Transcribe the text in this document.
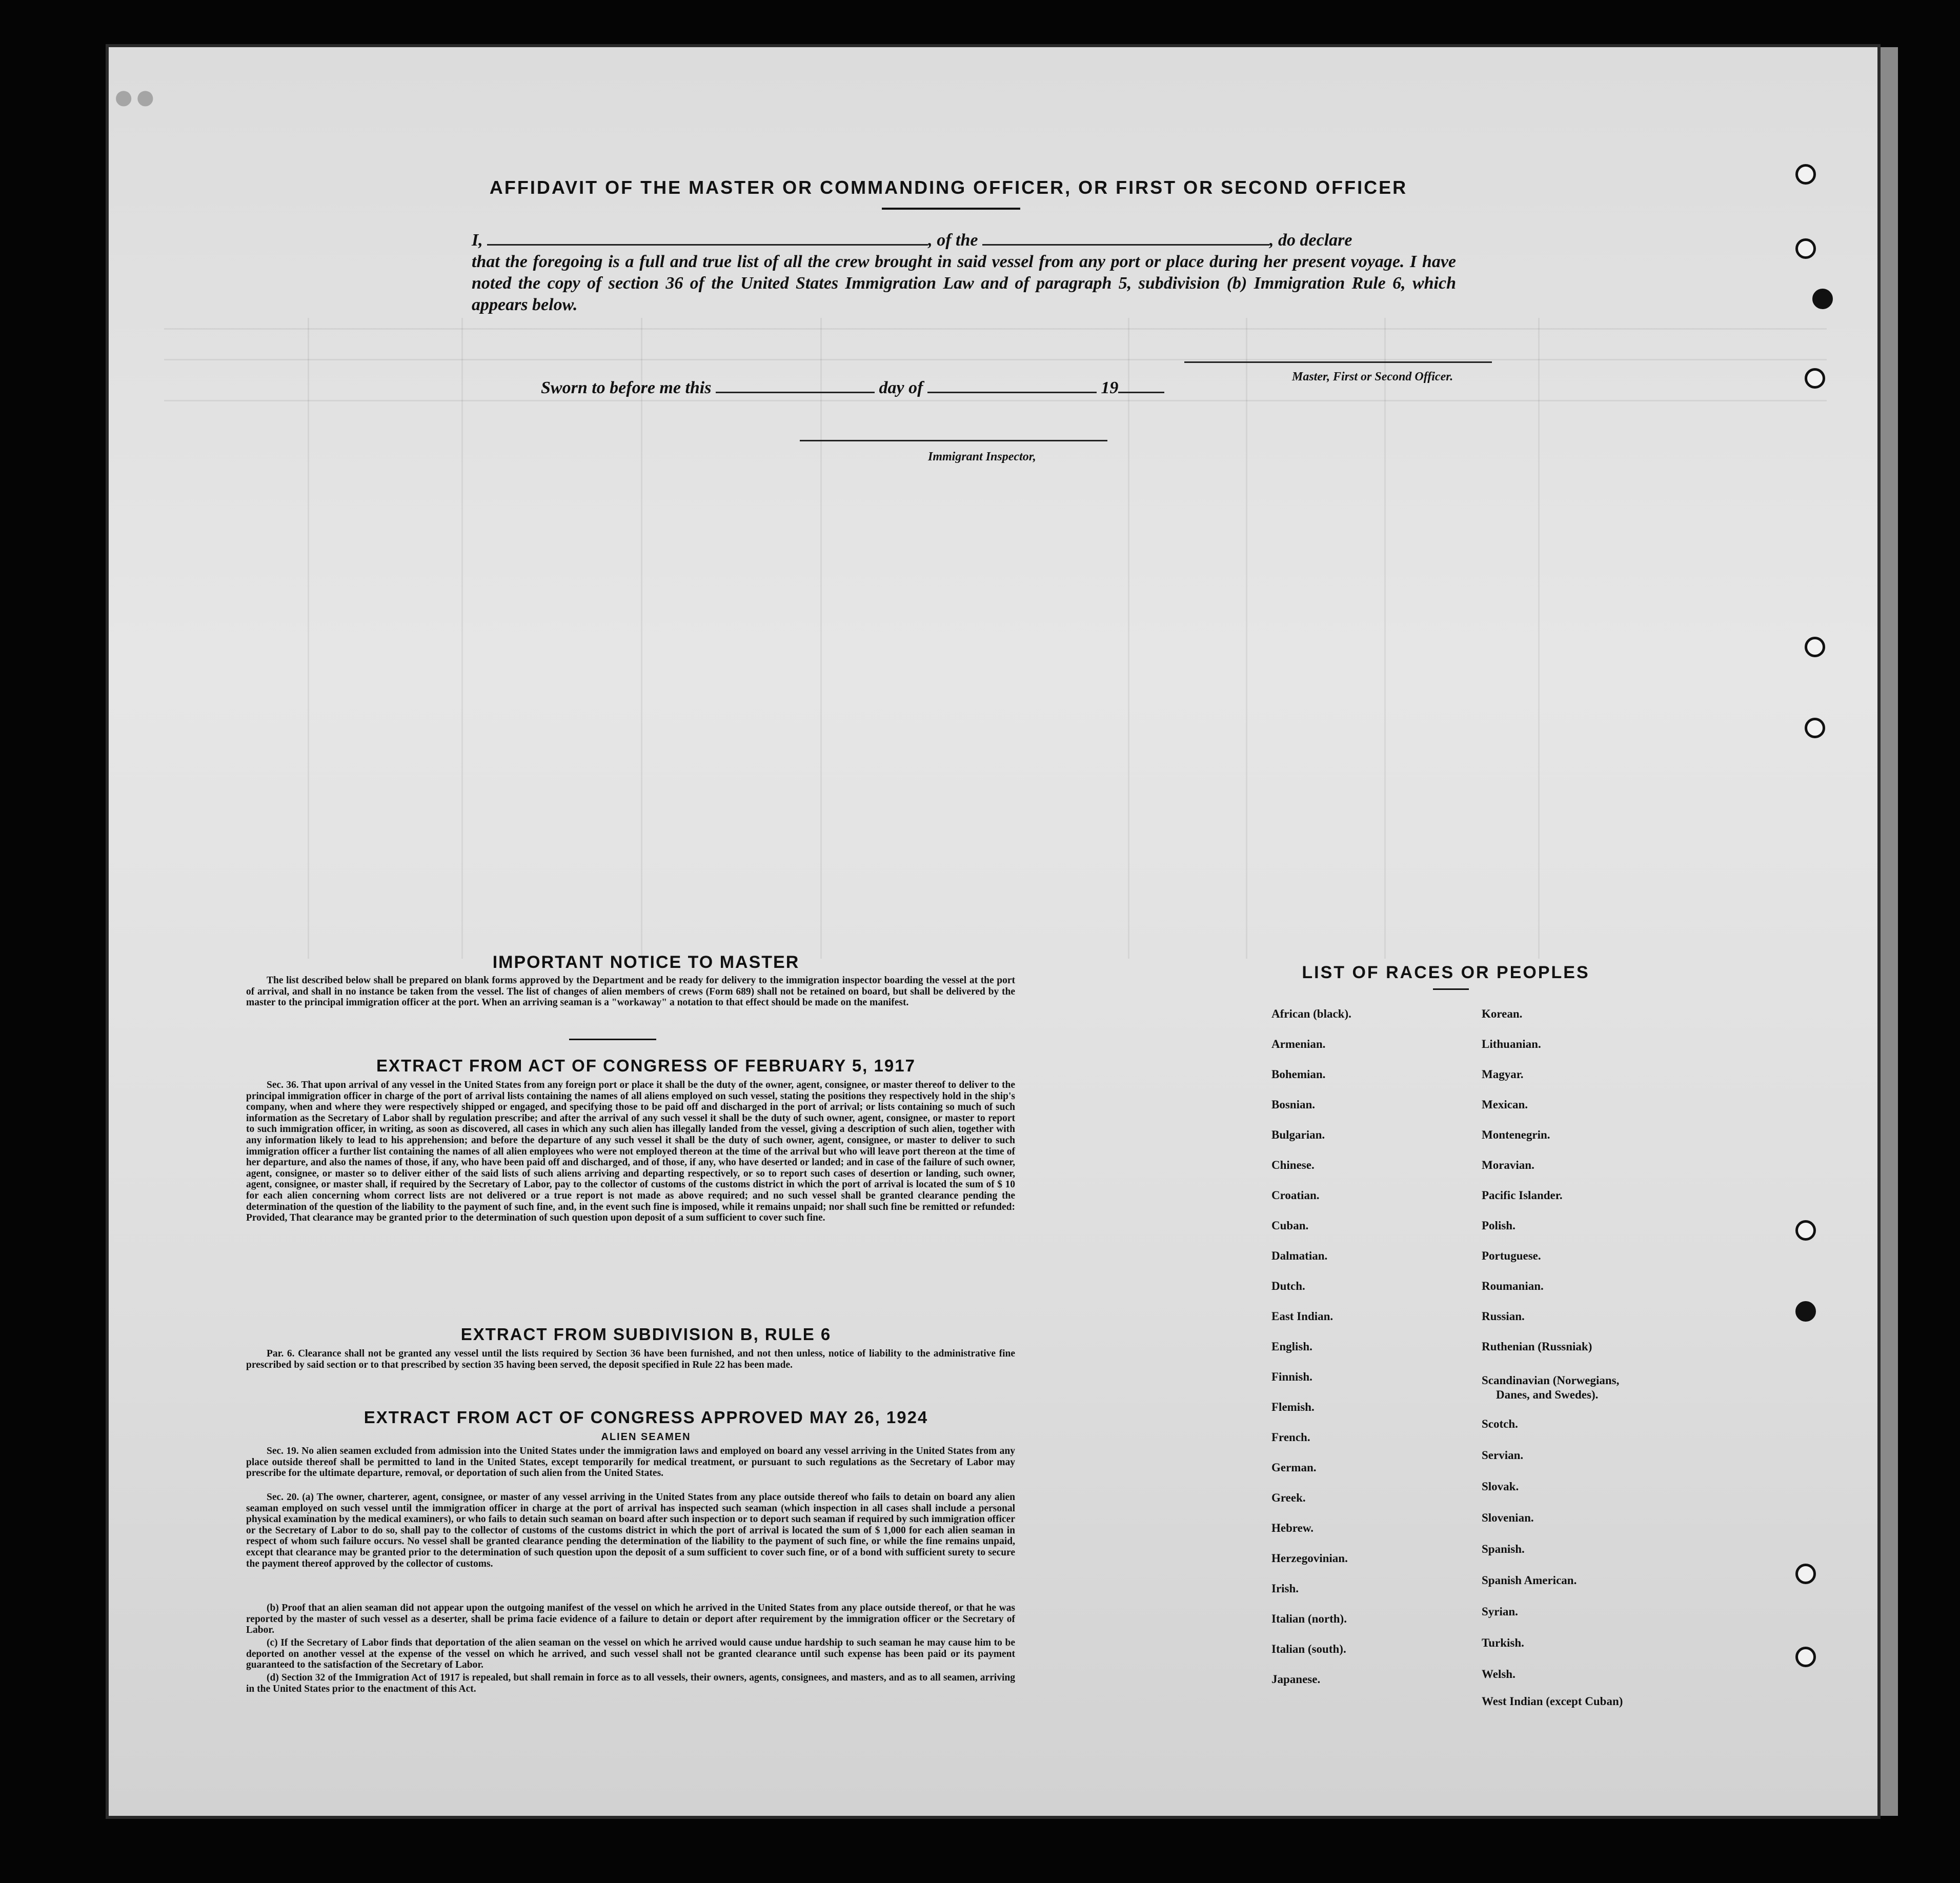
●●
AFFIDAVIT OF THE MASTER OR COMMANDING OFFICER, OR FIRST OR SECOND OFFICER
I,	, of the	, do declare
that the foregoing is a full and true list of all the crew brought in said vessel from any port or place during her present voyage. I have noted the copy of section 36 of the United States Immigration Law and of paragraph 5, subdivision (b) Immigration Rule 6, which appears below.
Master, First or Second Officer.
Sworn to before me this	day of	19
Immigrant Inspector,
IMPORTANT NOTICE TO MASTER

The list described below shall be prepared on blank forms approved by the Department and be ready for delivery to the immigration inspector boarding the vessel at the port of arrival, and shall in no instance be taken from the vessel. The list of changes of alien members of crews (Form 689) shall not be retained on board, but shall be delivered by the master to the principal immigration officer at the port. When an arriving seaman is a "workaway" a notation to that effect should be made on the manifest.

EXTRACT FROM ACT OF CONGRESS OF FEBRUARY 5, 1917

Sec. 36. That upon arrival of any vessel in the United States from any foreign port or place it shall be the duty of the owner, agent, consignee, or master thereof to deliver to the principal immigration officer in charge of the port of arrival lists containing the names of all aliens employed on such vessel, stating the positions they respectively hold in the ship's company, when and where they were respectively shipped or engaged, and specifying those to be paid off and discharged in the port of arrival; or lists containing so much of such information as the Secretary of Labor shall by regulation prescribe; and after the arrival of any such vessel it shall be the duty of such owner, agent, consignee, or master to report to such immigration officer, in writing, as soon as discovered, all cases in which any such alien has illegally landed from the vessel, giving a description of such alien, together with any information likely to lead to his apprehension; and before the departure of any such vessel it shall be the duty of such owner, agent, consignee, or master to deliver to such immigration officer a further list containing the names of all alien employees who were not employed thereon at the time of the arrival but who will leave port thereon at the time of her departure, and also the names of those, if any, who have been paid off and discharged, and of those, if any, who have deserted or landed; and in case of the failure of such owner, agent, consignee, or master so to deliver either of the said lists of such aliens arriving and departing respectively, or so to report such cases of desertion or landing, such owner, agent, consignee, or master shall, if required by the Secretary of Labor, pay to the collector of customs of the customs district in which the port of arrival is located the sum of $ 10 for each alien concerning whom correct lists are not delivered or a true report is not made as above required; and no such vessel shall be granted clearance pending the determination of the question of the liability to the payment of such fine, and, in the event such fine is imposed, while it remains unpaid; nor shall such fine be remitted or refunded: Provided, That clearance may be granted prior to the determination of such question upon deposit of a sum sufficient to cover such fine.

EXTRACT FROM SUBDIVISION B, RULE 6

Par. 6. Clearance shall not be granted any vessel until the lists required by Section 36 have been furnished, and not then unless, notice of liability to the administrative fine prescribed by said section or to that prescribed by section 35 having been served, the deposit specified in Rule 22 has been made.

EXTRACT FROM ACT OF CONGRESS APPROVED MAY 26, 1924
ALIEN SEAMEN

Sec. 19. No alien seamen excluded from admission into the United States under the immigration laws and employed on board any vessel arriving in the United States from any place outside thereof shall be permitted to land in the United States, except temporarily for medical treatment, or pursuant to such regulations as the Secretary of Labor may prescribe for the ultimate departure, removal, or deportation of such alien from the United States.

Sec. 20. (a) The owner, charterer, agent, consignee, or master of any vessel arriving in the United States from any place outside thereof who fails to detain on board any alien seaman employed on such vessel until the immigration officer in charge at the port of arrival has inspected such seaman (which inspection in all cases shall include a personal physical examination by the medical examiners), or who fails to detain such seaman on board after such inspection or to deport such seaman if required by such immigration officer or the Secretary of Labor to do so, shall pay to the collector of customs of the customs district in which the port of arrival is located the sum of $ 1,000 for each alien seaman in respect of whom such failure occurs. No vessel shall be granted clearance pending the determination of the liability to the payment of such fine, or while the fine remains unpaid, except that clearance may be granted prior to the determination of such question upon the deposit of a sum sufficient to cover such fine, or of a bond with sufficient surety to secure the payment thereof approved by the collector of customs.

(b) Proof that an alien seaman did not appear upon the outgoing manifest of the vessel on which he arrived in the United States from any place outside thereof, or that he was reported by the master of such vessel as a deserter, shall be prima facie evidence of a failure to detain or deport after requirement by the immigration officer or the Secretary of Labor.

(c) If the Secretary of Labor finds that deportation of the alien seaman on the vessel on which he arrived would cause undue hardship to such seaman he may cause him to be deported on another vessel at the expense of the vessel on which he arrived, and such vessel shall not be granted clearance until such expense has been paid or its payment guaranteed to the satisfaction of the Secretary of Labor.

(d) Section 32 of the Immigration Act of 1917 is repealed, but shall remain in force as to all vessels, their owners, agents, consignees, and masters, and as to all seamen, arriving in the United States prior to the enactment of this Act.

LIST OF RACES OR PEOPLES
African (black).
Armenian.
Bohemian.
Bosnian.
Bulgarian.
Chinese.
Croatian.
Cuban.
Dalmatian.
Dutch.
East Indian.
English.
Finnish.
Flemish.
French.
German.
Greek.
Hebrew.
Herzegovinian.
Irish.
Italian (north).
Italian (south).
Japanese.
Korean.
Lithuanian.
Magyar.
Mexican.
Montenegrin.
Moravian.
Pacific Islander.
Polish.
Portuguese.
Roumanian.
Russian.
Ruthenian (Russniak)
Scandinavian (Norwegians,
Danes, and Swedes).
Scotch.
Servian.
Slovak.
Slovenian.
Spanish.
Spanish American.
Syrian.
Turkish.
Welsh.
West Indian (except Cuban)
